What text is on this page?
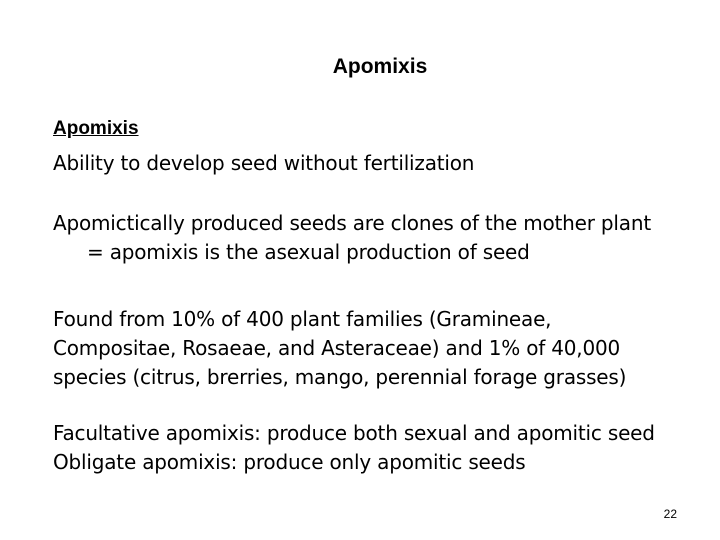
Apomixis
Apomixis
Ability to develop seed without fertilization
Apomictically produced seeds are clones of the mother plant
= apomixis is the asexual production of seed
Found from 10% of 400 plant families (Gramineae,
Compositae, Rosaeae, and Asteraceae) and 1% of 40,000
species (citrus, brerries, mango, perennial forage grasses)
Facultative apomixis: produce both sexual and apomitic seed
Obligate apomixis: produce only apomitic seeds
22
